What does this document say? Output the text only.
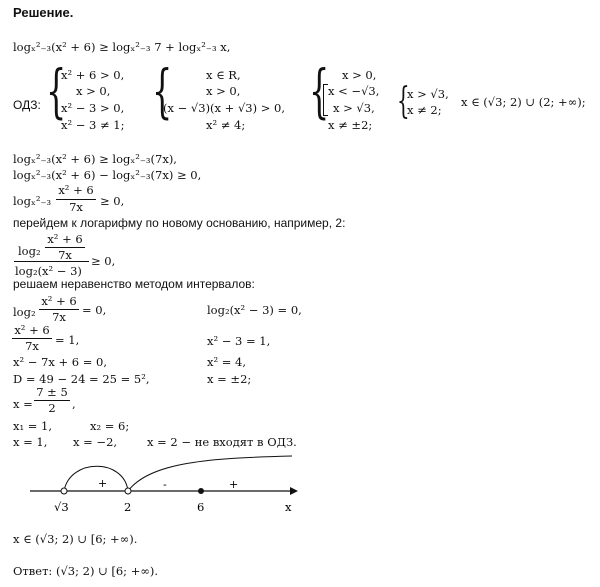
Решение.
logₓ²₋₃(x² + 6) ≥ logₓ²₋₃ 7 + logₓ²₋₃ x,
ОДЗ: {
x² + 6 > 0,
x > 0,
x² − 3 > 0,
x² − 3 ≠ 1; {	x ∈ R,
x > 0,
(x − √3)(x + √3) > 0,
x² ≠ 4; { x > 0,
x < −√3,
x > √3,
x ≠ ±2;
{
x > √3,
x ≠ 2;
x ∈ (√3; 2) ∪ (2; +∞);
logₓ²₋₃(x² + 6) ≥ logₓ²₋₃(7x),
logₓ²₋₃(x² + 6) − logₓ²₋₃(7x) ≥ 0,
logₓ²₋₃
x² + 6
7x	≥ 0,
перейдем к логарифму по новому основанию, например, 2:
log₂
x² + 6
7x
log₂(x² − 3)
≥ 0,
решаем неравенство методом интервалов:
log₂
x² + 6
7x	= 0,
x² + 6
7x	= 1,
x² − 7x + 6 = 0,
D = 49 − 24 = 25 = 5²,
x =
7 ± 5
2	,
x₁ = 1,	x₂ = 6;
x = 1, x = −2,	x = 2 − не входят в ОДЗ.
log₂(x² − 3) = 0,
x² − 3 = 1,
x² = 4,
x = ±2;
+	-	+
√3	2	6	x
x ∈ (√3; 2) ∪ [6; +∞).
Ответ: (√3; 2) ∪ [6; +∞).
